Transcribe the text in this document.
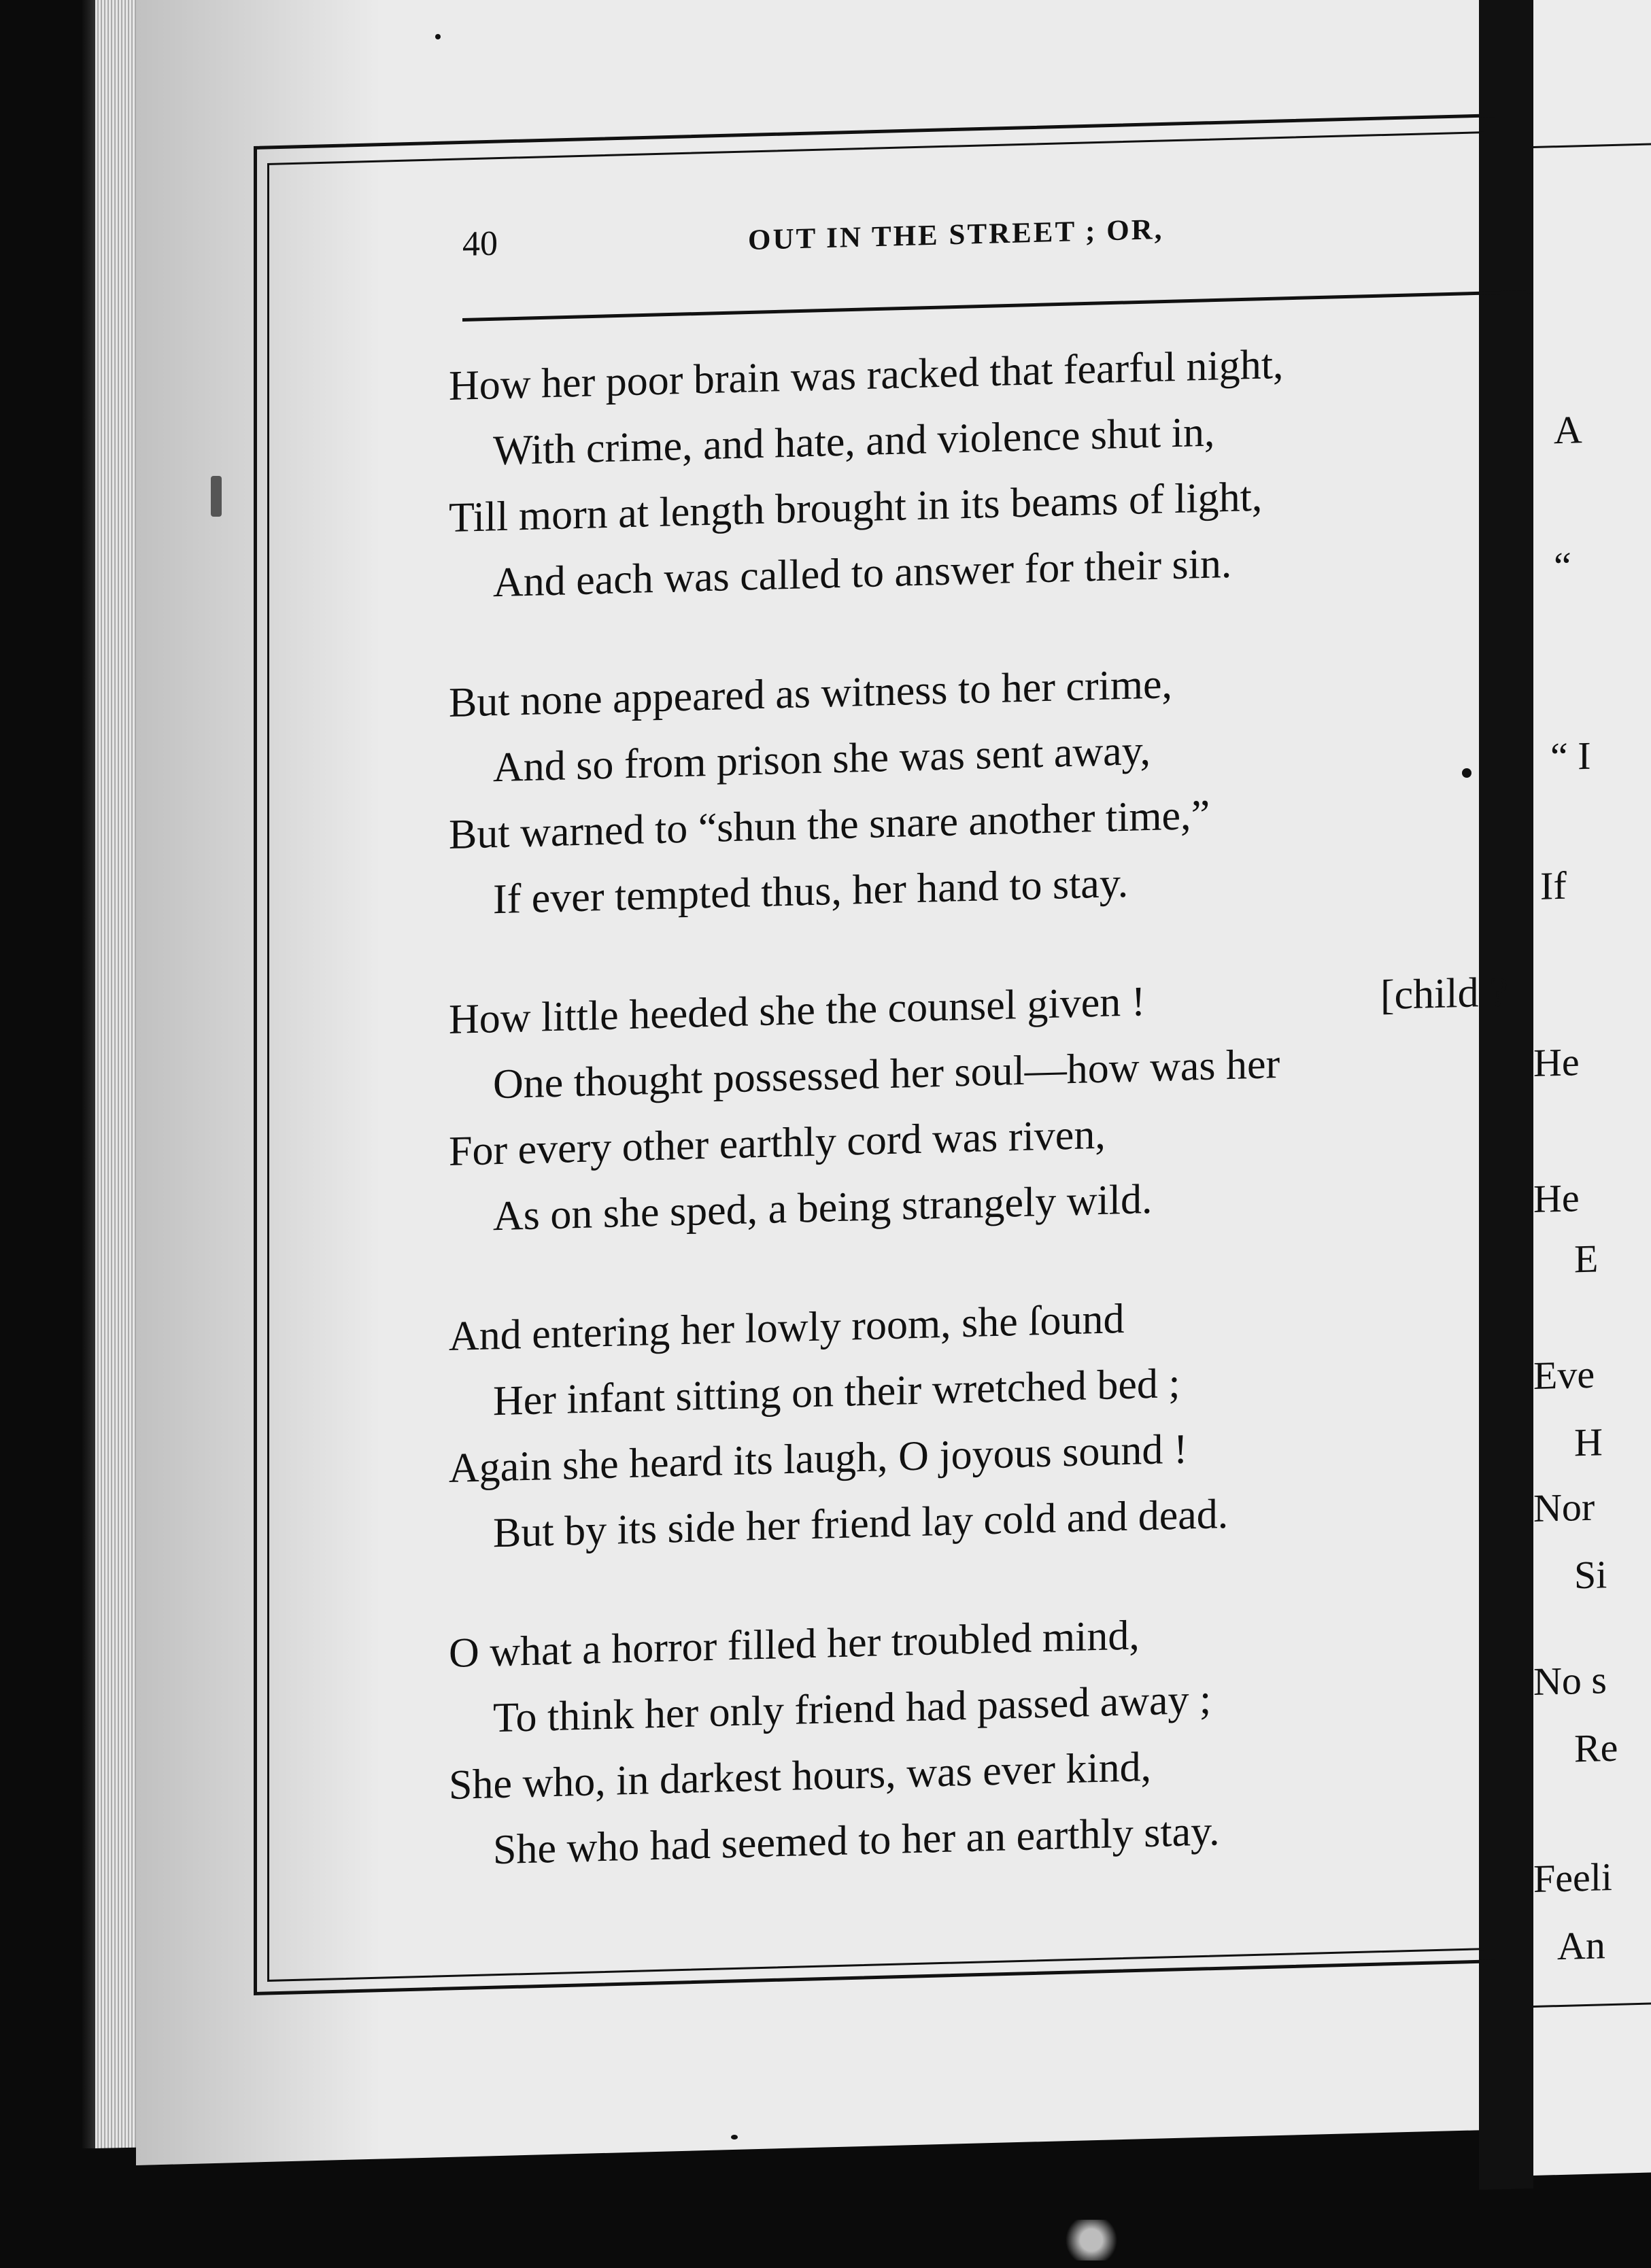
A
“
“ I
If
He
He
E
Eve
H
Nor
Si
No s
Re
Feeli
An
40	OUT IN THE STREET ; OR,
How her poor brain was racked that fearful night,
With crime, and hate, and violence shut in,
Till morn at length brought in its beams of light,
And each was called to answer for their sin.
But none appeared as witness to her crime,
And so from prison she was sent away,
But warned to “shun the snare another time,”
If ever tempted thus, her hand to stay.
How little heeded she the counsel given !	[child ?
One thought possessed her soul—how was her
For every other earthly cord was riven,
As on she sped, a being strangely wild.
And entering her lowly room, she ſound
Her infant sitting on their wretched bed ;
Again she heard its laugh, O joyous sound !
But by its side her friend lay cold and dead.
O what a horror filled her troubled mind,
To think her only friend had passed away ;
She who, in darkest hours, was ever kind,
She who had seemed to her an earthly stay.
